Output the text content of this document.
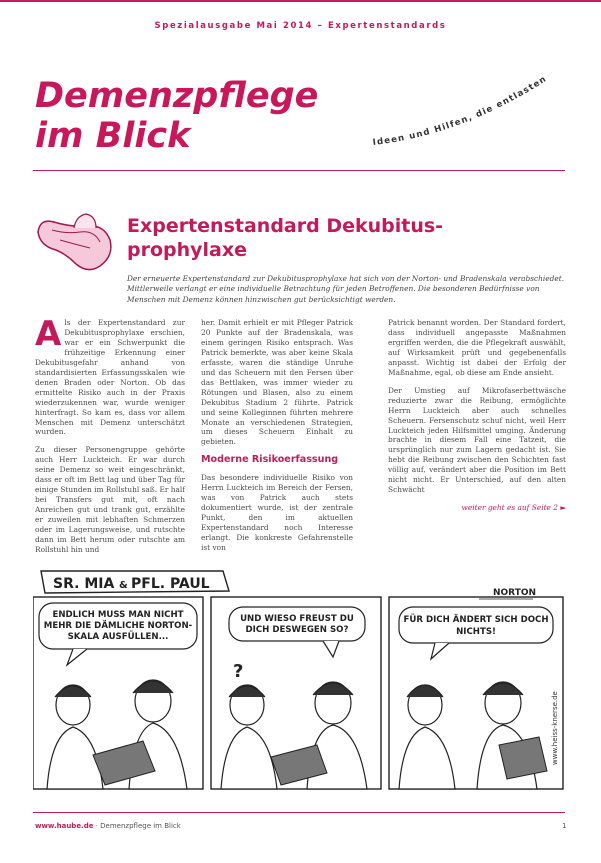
Spezialausgabe Mai 2014 – Expertenstandards
Demenzpflege
im Blick	Ideen und Hilfen, die entlasten
Expertenstandard Dekubitus-
prophylaxe
Der erneuerte Expertenstandard zur Dekubitusprophylaxe hat sich von der Norton- und Bradenskala verabschiedet. Mittlerweile verlangt er eine individuelle Betrachtung für jeden Betroffenen. Die besonderen Bedürfnisse von Menschen mit Demenz können hinzwischen gut berücksichtigt werden.

Als der Expertenstandard zur Dekubitusprophylaxe erschien, war er ein Schwerpunkt die frühzeitige Erkennung einer Dekubitusgefahr anhand von standardisierten Erfassungsskalen wie denen Braden oder Norton. Ob das ermittelte Risiko auch in der Praxis wiederzukennen war, wurde weniger hinterfragt. So kam es, dass vor allem Menschen mit Demenz unterschätzt wurden.

Zu dieser Personengruppe gehörte auch Herr Luckteich. Er war durch seine Demenz so weit eingeschränkt, dass er oft im Bett lag und über Tag für einige Stunden im Rollstuhl saß. Er half bei Transfers gut mit, oft nach Anreichen gut und trank gut, erzählte er zuweilen mit lebhaften Schmerzen oder im Lagerungsweise, und rutschte dann im Bett herum oder rutschte am Rollstuhl hin und

her. Damit erhielt er mit Pfleger Patrick 20 Punkte auf der Bradenskala, was einem geringen Risiko entsprach. Was Patrick bemerkte, was aber keine Skala erfasste, waren die ständige Unruhe und das Scheuern mit den Fersen über das Bettlaken, was immer wieder zu Rötungen und Blasen, also zu einem Dekubitus Stadium 2 führte. Patrick und seine Kolleginnen führten mehrere Monate an verschiedenen Strategien, um dieses Scheuern Einhalt zu gebieten.

Moderne Risikoerfassung

Das besondere individuelle Risiko von Herrn Luckteich im Bereich der Fersen, was von Patrick auch stets dokumentiert wurde, ist der zentrale Punkt, den im aktuellen Expertenstandard noch Interesse erlangt. Die konkreste Gefahrenstelle ist von

Patrick benannt worden. Der Standard fordert, dass individuell angepasste Maßnahmen ergriffen werden, die die Pflegekraft auswählt, auf Wirksamkeit prüft und gegebenenfalls anpasst. Wichtig ist dabei der Erfolg der Maßnahme, egal, ob diese am Ende ansieht.

Der Umstieg auf Mikrofaserbettwäsche reduzierte zwar die Reibung, ermöglichte Herrn Luckteich aber auch schnelles Scheuern. Fersenschutz schuf nicht, weil Herr Luckteich jeden Hilfsmittel umging. Änderung brachte in diesem Fall eine Tatzeit, die ursprünglich nur zum Lagern gedacht ist. Sie hebt die Reibung zwischen den Schichten fast völlig auf, verändert aber die Position im Bett nicht nicht. Er Unterschied, auf den alten Schwächt

weiter geht es auf Seite 2 ►
SR. MIA & PFL. PAUL
NORTON
ENDLICH MUSS MAN NICHT
MEHR DIE DÄMLICHE NORTON-
SKALA AUSFÜLLEN...
UND WIESO FREUST DU
DICH DESWEGEN SO?
?
FÜR DICH ÄNDERT SICH DOCH
NICHTS!
www.heiss-knerse.de
www.haube.de · Demenzpflege im Blick	1
